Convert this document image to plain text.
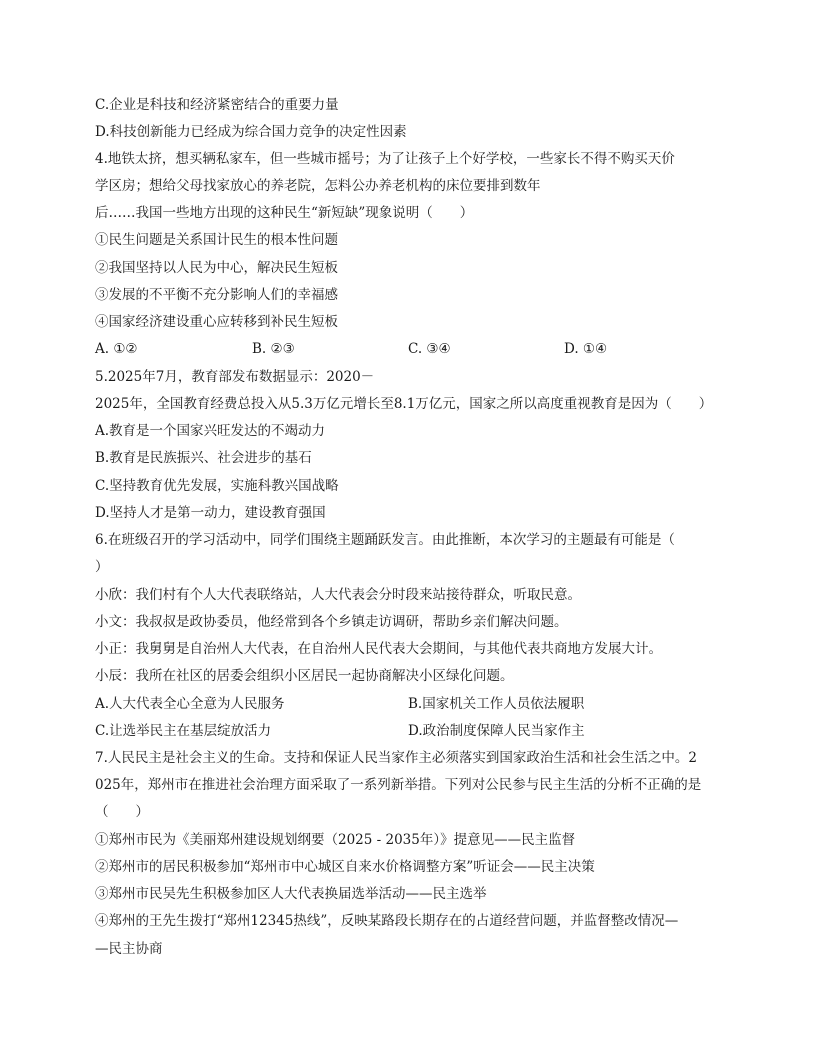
C.企业是科技和经济紧密结合的重要力量
D.科技创新能力已经成为综合国力竞争的决定性因素
4.地铁太挤，想买辆私家车，但一些城市摇号；为了让孩子上个好学校，一些家长不得不购买天价
学区房；想给父母找家放心的养老院，怎料公办养老机构的床位要排到数年
后……我国一些地方出现的这种民生“新短缺”现象说明（　　）
①民生问题是关系国计民生的根本性问题
②我国坚持以人民为中心，解决民生短板
③发展的不平衡不充分影响人们的幸福感
④国家经济建设重心应转移到补民生短板
A. ①②	B. ②③	C. ③④	D. ①④
5.2025年7月，教育部发布数据显示：2020－
2025年，全国教育经费总投入从5.3万亿元增长至8.1万亿元，国家之所以高度重视教育是因为（　　）
A.教育是一个国家兴旺发达的不竭动力
B.教育是民族振兴、社会进步的基石
C.坚持教育优先发展，实施科教兴国战略
D.坚持人才是第一动力，建设教育强国
6.在班级召开的学习活动中，同学们围绕主题踊跃发言。由此推断，本次学习的主题最有可能是（
）
小欣：我们村有个人大代表联络站，人大代表会分时段来站接待群众，听取民意。
小文：我叔叔是政协委员，他经常到各个乡镇走访调研，帮助乡亲们解决问题。
小正：我舅舅是自治州人大代表，在自治州人民代表大会期间，与其他代表共商地方发展大计。
小辰：我所在社区的居委会组织小区居民一起协商解决小区绿化问题。
A.人大代表全心全意为人民服务	B.国家机关工作人员依法履职
C.让选举民主在基层绽放活力	D.政治制度保障人民当家作主
7.人民民主是社会主义的生命。支持和保证人民当家作主必须落实到国家政治生活和社会生活之中。2
025年，郑州市在推进社会治理方面采取了一系列新举措。下列对公民参与民主生活的分析不正确的是
（　　）
①郑州市民为《美丽郑州建设规划纲要（2025 - 2035年）》提意见——民主监督
②郑州市的居民积极参加“郑州市中心城区自来水价格调整方案”听证会——民主决策
③郑州市民吴先生积极参加区人大代表换届选举活动——民主选举
④郑州的王先生拨打“郑州12345热线”，反映某路段长期存在的占道经营问题，并监督整改情况—
—民主协商
